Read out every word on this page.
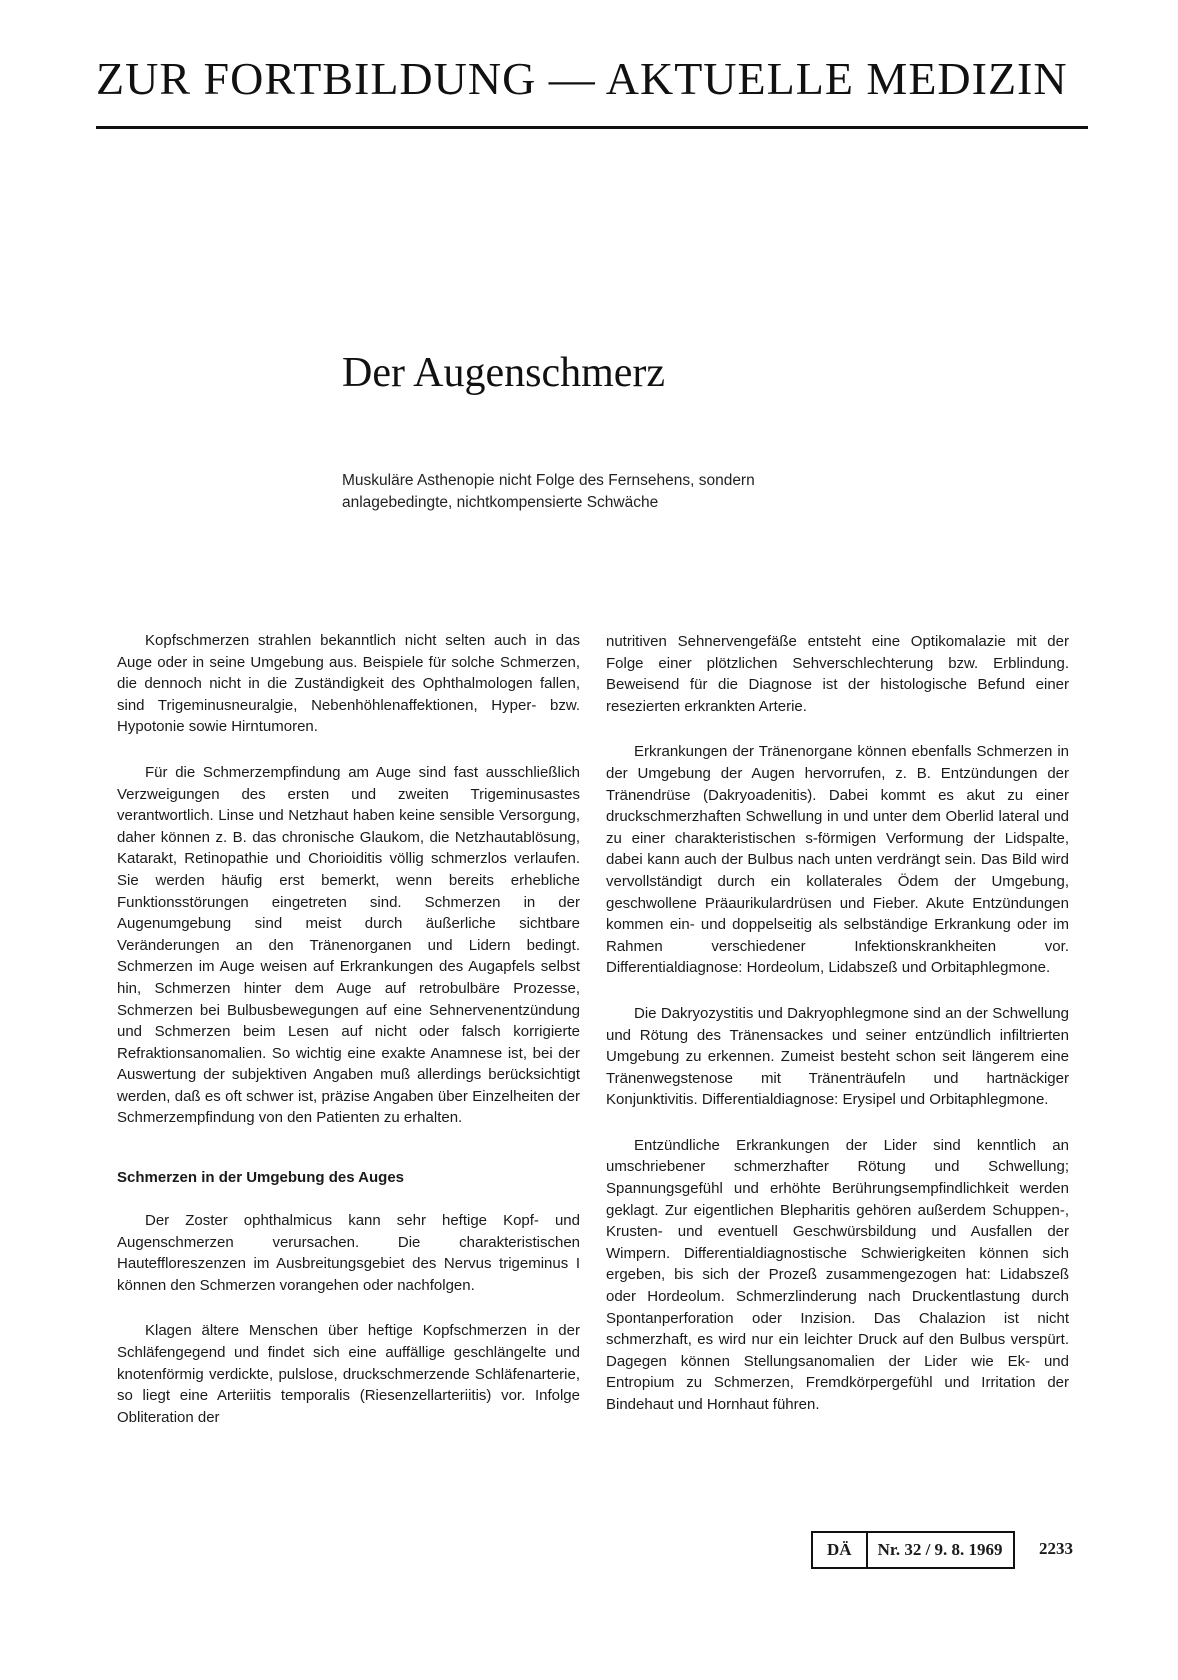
ZUR FORTBILDUNG — AKTUELLE MEDIZIN
Der Augenschmerz

Muskuläre Asthenopie nicht Folge des Fernsehens, sondern anlagebedingte, nichtkompensierte Schwäche

Kopfschmerzen strahlen bekanntlich nicht selten auch in das Auge oder in seine Umgebung aus. Beispiele für solche Schmerzen, die dennoch nicht in die Zuständigkeit des Ophthalmologen fallen, sind Trigeminusneuralgie, Nebenhöhlenaffektionen, Hyper- bzw. Hypotonie sowie Hirntumoren.

Für die Schmerzempfindung am Auge sind fast ausschließlich Verzweigungen des ersten und zweiten Trigeminusastes verantwortlich. Linse und Netzhaut haben keine sensible Versorgung, daher können z. B. das chronische Glaukom, die Netzhautablösung, Katarakt, Retinopathie und Chorioiditis völlig schmerzlos verlaufen. Sie werden häufig erst bemerkt, wenn bereits erhebliche Funktionsstörungen eingetreten sind. Schmerzen in der Augenumgebung sind meist durch äußerliche sichtbare Veränderungen an den Tränenorganen und Lidern bedingt. Schmerzen im Auge weisen auf Erkrankungen des Augapfels selbst hin, Schmerzen hinter dem Auge auf retrobulbäre Prozesse, Schmerzen bei Bulbusbewegungen auf eine Sehnervenentzündung und Schmerzen beim Lesen auf nicht oder falsch korrigierte Refraktionsanomalien. So wichtig eine exakte Anamnese ist, bei der Auswertung der subjektiven Angaben muß allerdings berücksichtigt werden, daß es oft schwer ist, präzise Angaben über Einzelheiten der Schmerzempfindung von den Patienten zu erhalten.

Schmerzen in der Umgebung des Auges

Der Zoster ophthalmicus kann sehr heftige Kopf- und Augenschmerzen verursachen. Die charakteristischen Hauteffloreszenzen im Ausbreitungsgebiet des Nervus trigeminus I können den Schmerzen vorangehen oder nachfolgen.

Klagen ältere Menschen über heftige Kopfschmerzen in der Schläfengegend und findet sich eine auffällige geschlängelte und knotenförmig verdickte, pulslose, druckschmerzende Schläfenarterie, so liegt eine Arteriitis temporalis (Riesenzellarteriitis) vor. Infolge Obliteration der

nutritiven Sehnervengefäße entsteht eine Optikomalazie mit der Folge einer plötzlichen Sehverschlechterung bzw. Erblindung. Beweisend für die Diagnose ist der histologische Befund einer resezierten erkrankten Arterie.

Erkrankungen der Tränenorgane können ebenfalls Schmerzen in der Umgebung der Augen hervorrufen, z. B. Entzündungen der Tränendrüse (Dakryoadenitis). Dabei kommt es akut zu einer druckschmerzhaften Schwellung in und unter dem Oberlid lateral und zu einer charakteristischen s-förmigen Verformung der Lidspalte, dabei kann auch der Bulbus nach unten verdrängt sein. Das Bild wird vervollständigt durch ein kollaterales Ödem der Umgebung, geschwollene Präaurikulardrüsen und Fieber. Akute Entzündungen kommen ein- und doppelseitig als selbständige Erkrankung oder im Rahmen verschiedener Infektionskrankheiten vor. Differentialdiagnose: Hordeolum, Lidabszeß und Orbitaphlegmone.

Die Dakryozystitis und Dakryophlegmone sind an der Schwellung und Rötung des Tränensackes und seiner entzündlich infiltrierten Umgebung zu erkennen. Zumeist besteht schon seit längerem eine Tränenwegstenose mit Tränenträufeln und hartnäckiger Konjunktivitis. Differentialdiagnose: Erysipel und Orbitaphlegmone.

Entzündliche Erkrankungen der Lider sind kenntlich an umschriebener schmerzhafter Rötung und Schwellung; Spannungsgefühl und erhöhte Berührungsempfindlichkeit werden geklagt. Zur eigentlichen Blepharitis gehören außerdem Schuppen-, Krusten- und eventuell Geschwürsbildung und Ausfallen der Wimpern. Differentialdiagnostische Schwierigkeiten können sich ergeben, bis sich der Prozeß zusammengezogen hat: Lidabszeß oder Hordeolum. Schmerzlinderung nach Druckentlastung durch Spontanperforation oder Inzision. Das Chalazion ist nicht schmerzhaft, es wird nur ein leichter Druck auf den Bulbus verspürt. Dagegen können Stellungsanomalien der Lider wie Ek- und Entropium zu Schmerzen, Fremdkörpergefühl und Irritation der Bindehaut und Hornhaut führen.

DÄ	Nr. 32 / 9. 8. 1969	2233
